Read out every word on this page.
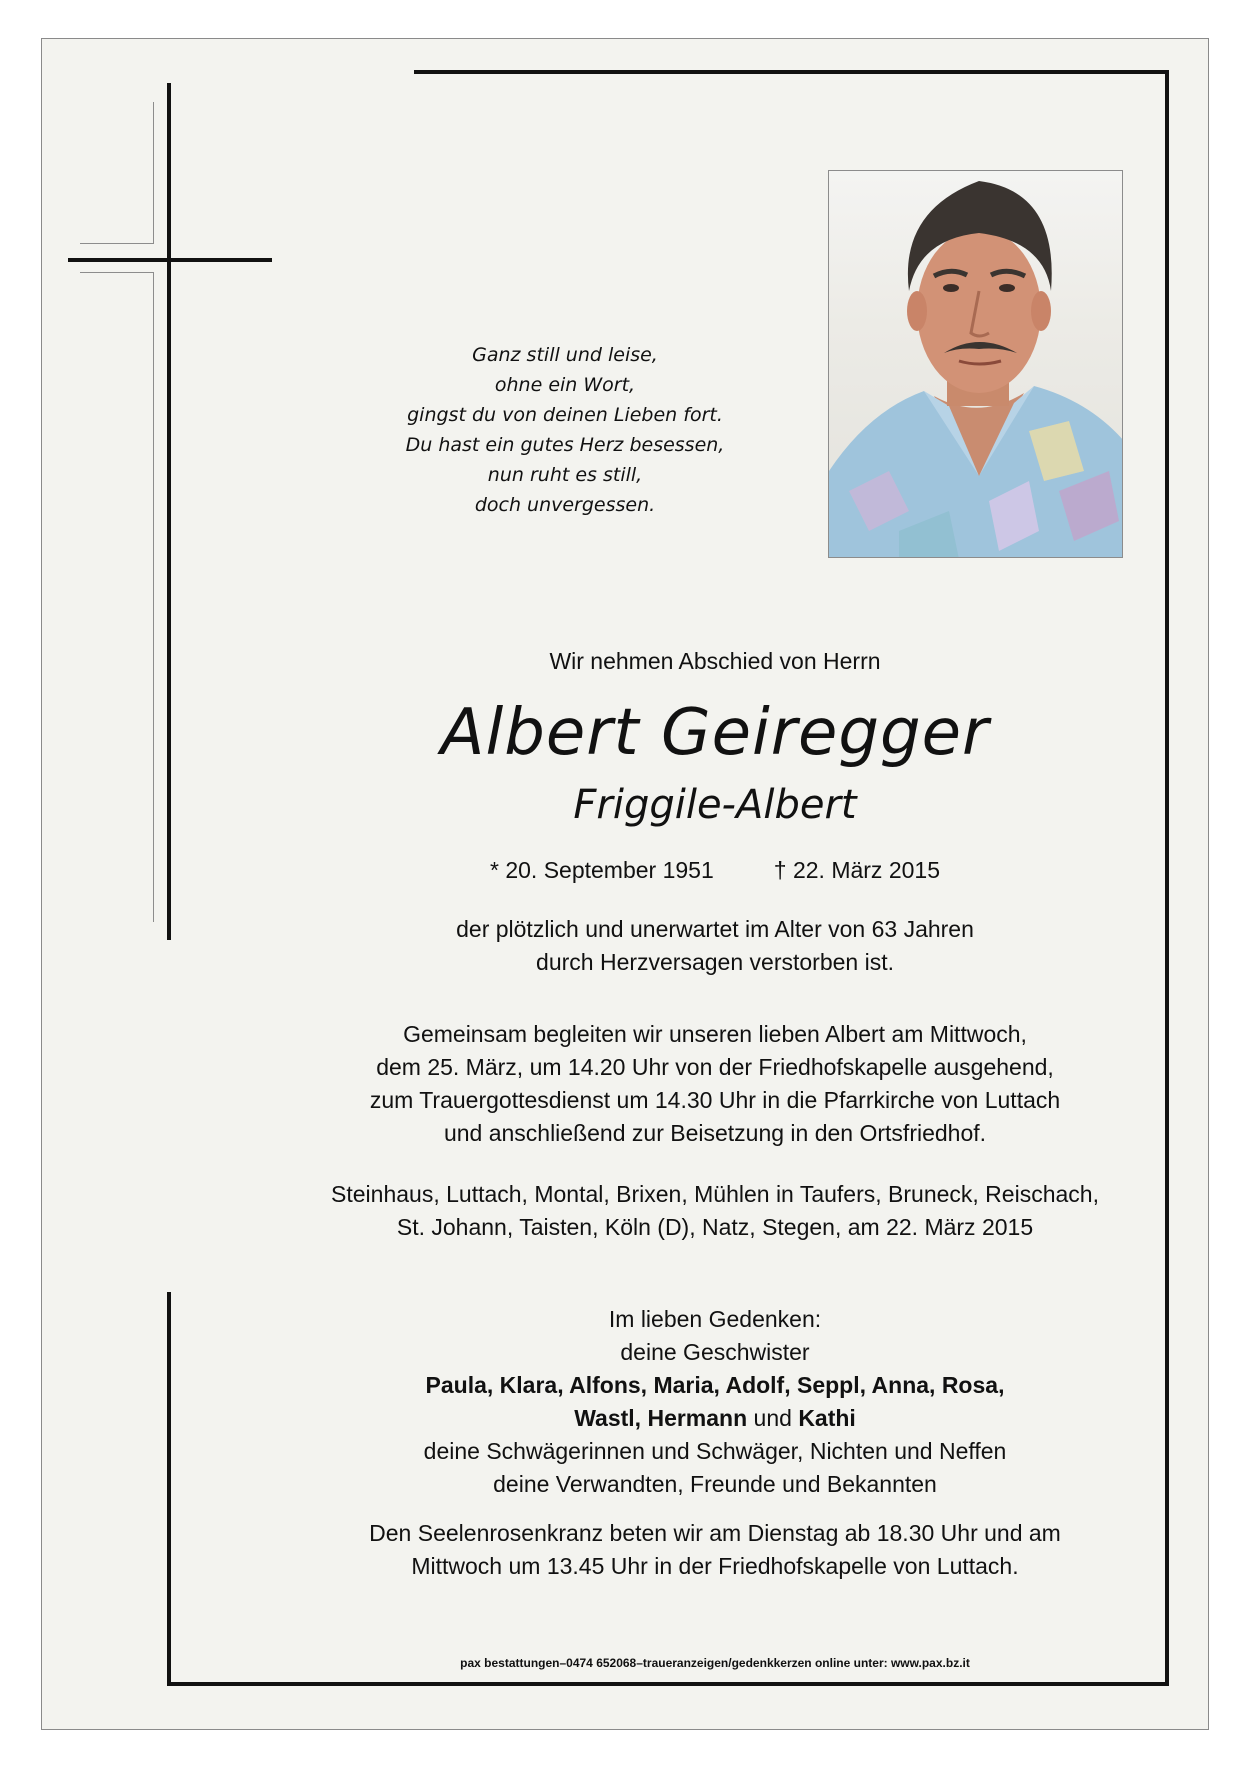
Ganz still und leise,
ohne ein Wort,
gingst du von deinen Lieben fort.
Du hast ein gutes Herz besessen,
nun ruht es still,
doch unvergessen.
Wir nehmen Abschied von Herrn
Albert Geiregger
Friggile-Albert
* 20. September 1951	† 22. März 2015
der plötzlich und unerwartet im Alter von 63 Jahren
durch Herzversagen verstorben ist.
Gemeinsam begleiten wir unseren lieben Albert am Mittwoch,
dem 25. März, um 14.20 Uhr von der Friedhofskapelle ausgehend,
zum Trauergottesdienst um 14.30 Uhr in die Pfarrkirche von Luttach
und anschließend zur Beisetzung in den Ortsfriedhof.
Steinhaus, Luttach, Montal, Brixen, Mühlen in Taufers, Bruneck, Reischach,
St. Johann, Taisten, Köln (D), Natz, Stegen, am 22. März 2015
Im lieben Gedenken:
deine Geschwister
Paula, Klara, Alfons, Maria, Adolf, Seppl, Anna, Rosa,
Wastl, Hermann und Kathi
deine Schwägerinnen und Schwäger, Nichten und Neffen
deine Verwandten, Freunde und Bekannten
Den Seelenrosenkranz beten wir am Dienstag ab 18.30 Uhr und am
Mittwoch um 13.45 Uhr in der Friedhofskapelle von Luttach.
pax bestattungen–0474 652068–traueranzeigen/gedenkkerzen online unter: www.pax.bz.it
